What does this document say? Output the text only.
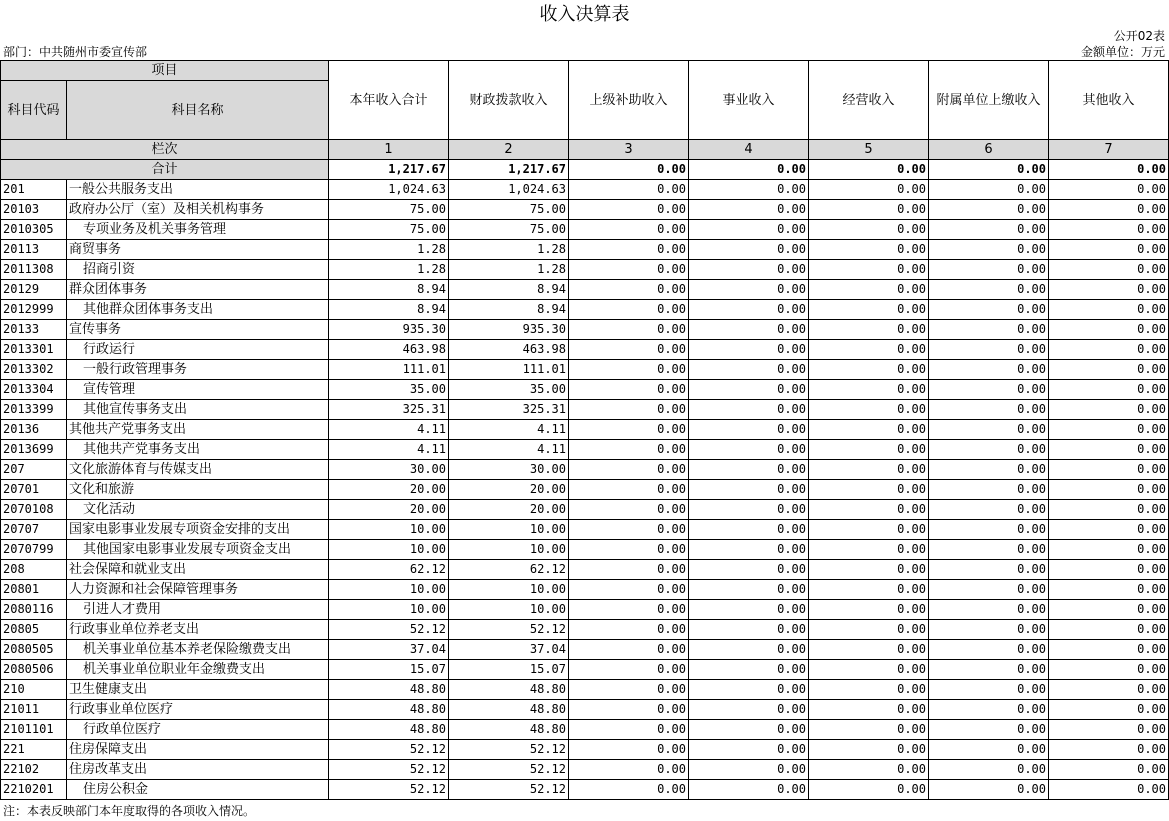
收入决算表
公开02表
部门：中共随州市委宣传部	金额单位：万元
项目		本年收入合计	财政拨款收入	上级补助收入	事业收入	经营收入	附属单位上缴收入	其他收入
科目代码	科目名称							
栏次		1	2	3	4	5	6	7
合计		1,217.67	1,217.67	0.00	0.00	0.00	0.00	0.00
201	一般公共服务支出	1,024.63	1,024.63	0.00	0.00	0.00	0.00	0.00
20103	政府办公厅（室）及相关机构事务	75.00	75.00	0.00	0.00	0.00	0.00	0.00
2010305	专项业务及机关事务管理	75.00	75.00	0.00	0.00	0.00	0.00	0.00
20113	商贸事务	1.28	1.28	0.00	0.00	0.00	0.00	0.00
2011308	招商引资	1.28	1.28	0.00	0.00	0.00	0.00	0.00
20129	群众团体事务	8.94	8.94	0.00	0.00	0.00	0.00	0.00
2012999	其他群众团体事务支出	8.94	8.94	0.00	0.00	0.00	0.00	0.00
20133	宣传事务	935.30	935.30	0.00	0.00	0.00	0.00	0.00
2013301	行政运行	463.98	463.98	0.00	0.00	0.00	0.00	0.00
2013302	一般行政管理事务	111.01	111.01	0.00	0.00	0.00	0.00	0.00
2013304	宣传管理	35.00	35.00	0.00	0.00	0.00	0.00	0.00
2013399	其他宣传事务支出	325.31	325.31	0.00	0.00	0.00	0.00	0.00
20136	其他共产党事务支出	4.11	4.11	0.00	0.00	0.00	0.00	0.00
2013699	其他共产党事务支出	4.11	4.11	0.00	0.00	0.00	0.00	0.00
207	文化旅游体育与传媒支出	30.00	30.00	0.00	0.00	0.00	0.00	0.00
20701	文化和旅游	20.00	20.00	0.00	0.00	0.00	0.00	0.00
2070108	文化活动	20.00	20.00	0.00	0.00	0.00	0.00	0.00
20707	国家电影事业发展专项资金安排的支出	10.00	10.00	0.00	0.00	0.00	0.00	0.00
2070799	其他国家电影事业发展专项资金支出	10.00	10.00	0.00	0.00	0.00	0.00	0.00
208	社会保障和就业支出	62.12	62.12	0.00	0.00	0.00	0.00	0.00
20801	人力资源和社会保障管理事务	10.00	10.00	0.00	0.00	0.00	0.00	0.00
2080116	引进人才费用	10.00	10.00	0.00	0.00	0.00	0.00	0.00
20805	行政事业单位养老支出	52.12	52.12	0.00	0.00	0.00	0.00	0.00
2080505	机关事业单位基本养老保险缴费支出	37.04	37.04	0.00	0.00	0.00	0.00	0.00
2080506	机关事业单位职业年金缴费支出	15.07	15.07	0.00	0.00	0.00	0.00	0.00
210	卫生健康支出	48.80	48.80	0.00	0.00	0.00	0.00	0.00
21011	行政事业单位医疗	48.80	48.80	0.00	0.00	0.00	0.00	0.00
2101101	行政单位医疗	48.80	48.80	0.00	0.00	0.00	0.00	0.00
221	住房保障支出	52.12	52.12	0.00	0.00	0.00	0.00	0.00
22102	住房改革支出	52.12	52.12	0.00	0.00	0.00	0.00	0.00
2210201	住房公积金	52.12	52.12	0.00	0.00	0.00	0.00	0.00
注：本表反映部门本年度取得的各项收入情况。
